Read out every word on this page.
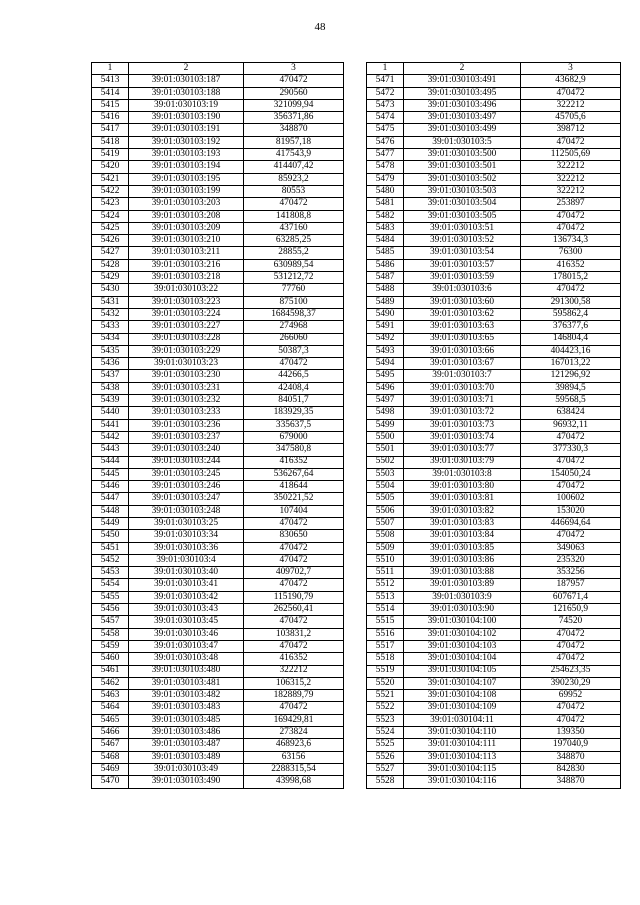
48
1	2	3
5413	39:01:030103:187	470472
5414	39:01:030103:188	290560
5415	39:01:030103:19	321099,94
5416	39:01:030103:190	356371,86
5417	39:01:030103:191	348870
5418	39:01:030103:192	81957,18
5419	39:01:030103:193	417543,9
5420	39:01:030103:194	414407,42
5421	39:01:030103:195	85923,2
5422	39:01:030103:199	80553
5423	39:01:030103:203	470472
5424	39:01:030103:208	141808,8
5425	39:01:030103:209	437160
5426	39:01:030103:210	63285,25
5427	39:01:030103:211	28855,2
5428	39:01:030103:216	630989,54
5429	39:01:030103:218	531212,72
5430	39:01:030103:22	77760
5431	39:01:030103:223	875100
5432	39:01:030103:224	1684598,37
5433	39:01:030103:227	274968
5434	39:01:030103:228	266060
5435	39:01:030103:229	50387,3
5436	39:01:030103:23	470472
5437	39:01:030103:230	44266,5
5438	39:01:030103:231	42408,4
5439	39:01:030103:232	84051,7
5440	39:01:030103:233	183929,35
5441	39:01:030103:236	335637,5
5442	39:01:030103:237	679000
5443	39:01:030103:240	347580,8
5444	39:01:030103:244	416352
5445	39:01:030103:245	536267,64
5446	39:01:030103:246	418644
5447	39:01:030103:247	350221,52
5448	39:01:030103:248	107404
5449	39:01:030103:25	470472
5450	39:01:030103:34	830650
5451	39:01:030103:36	470472
5452	39:01:030103:4	470472
5453	39:01:030103:40	409702,7
5454	39:01:030103:41	470472
5455	39:01:030103:42	115190,79
5456	39:01:030103:43	262560,41
5457	39:01:030103:45	470472
5458	39:01:030103:46	103831,2
5459	39:01:030103:47	470472
5460	39:01:030103:48	416352
5461	39:01:030103:480	322212
5462	39:01:030103:481	106315,2
5463	39:01:030103:482	182889,79
5464	39:01:030103:483	470472
5465	39:01:030103:485	169429,81
5466	39:01:030103:486	273824
5467	39:01:030103:487	468923,6
5468	39:01:030103:489	63156
5469	39:01:030103:49	2288315,54
5470	39:01:030103:490	43998,68
1	2	3
5471	39:01:030103:491	43682,9
5472	39:01:030103:495	470472
5473	39:01:030103:496	322212
5474	39:01:030103:497	45705,6
5475	39:01:030103:499	398712
5476	39:01:030103:5	470472
5477	39:01:030103:500	112505,69
5478	39:01:030103:501	322212
5479	39:01:030103:502	322212
5480	39:01:030103:503	322212
5481	39:01:030103:504	253897
5482	39:01:030103:505	470472
5483	39:01:030103:51	470472
5484	39:01:030103:52	136734,3
5485	39:01:030103:54	76300
5486	39:01:030103:57	416352
5487	39:01:030103:59	178015,2
5488	39:01:030103:6	470472
5489	39:01:030103:60	291300,58
5490	39:01:030103:62	595862,4
5491	39:01:030103:63	376377,6
5492	39:01:030103:65	146804,4
5493	39:01:030103:66	404423,16
5494	39:01:030103:67	167013,22
5495	39:01:030103:7	121296,92
5496	39:01:030103:70	39894,5
5497	39:01:030103:71	59568,5
5498	39:01:030103:72	638424
5499	39:01:030103:73	96932,11
5500	39:01:030103:74	470472
5501	39:01:030103:77	377330,3
5502	39:01:030103:79	470472
5503	39:01:030103:8	154050,24
5504	39:01:030103:80	470472
5505	39:01:030103:81	100602
5506	39:01:030103:82	153020
5507	39:01:030103:83	446694,64
5508	39:01:030103:84	470472
5509	39:01:030103:85	349063
5510	39:01:030103:86	235320
5511	39:01:030103:88	353256
5512	39:01:030103:89	187957
5513	39:01:030103:9	607671,4
5514	39:01:030103:90	121650,9
5515	39:01:030104:100	74520
5516	39:01:030104:102	470472
5517	39:01:030104:103	470472
5518	39:01:030104:104	470472
5519	39:01:030104:105	254623,35
5520	39:01:030104:107	390230,29
5521	39:01:030104:108	69952
5522	39:01:030104:109	470472
5523	39:01:030104:11	470472
5524	39:01:030104:110	139350
5525	39:01:030104:111	197040,9
5526	39:01:030104:113	348870
5527	39:01:030104:115	842830
5528	39:01:030104:116	348870
